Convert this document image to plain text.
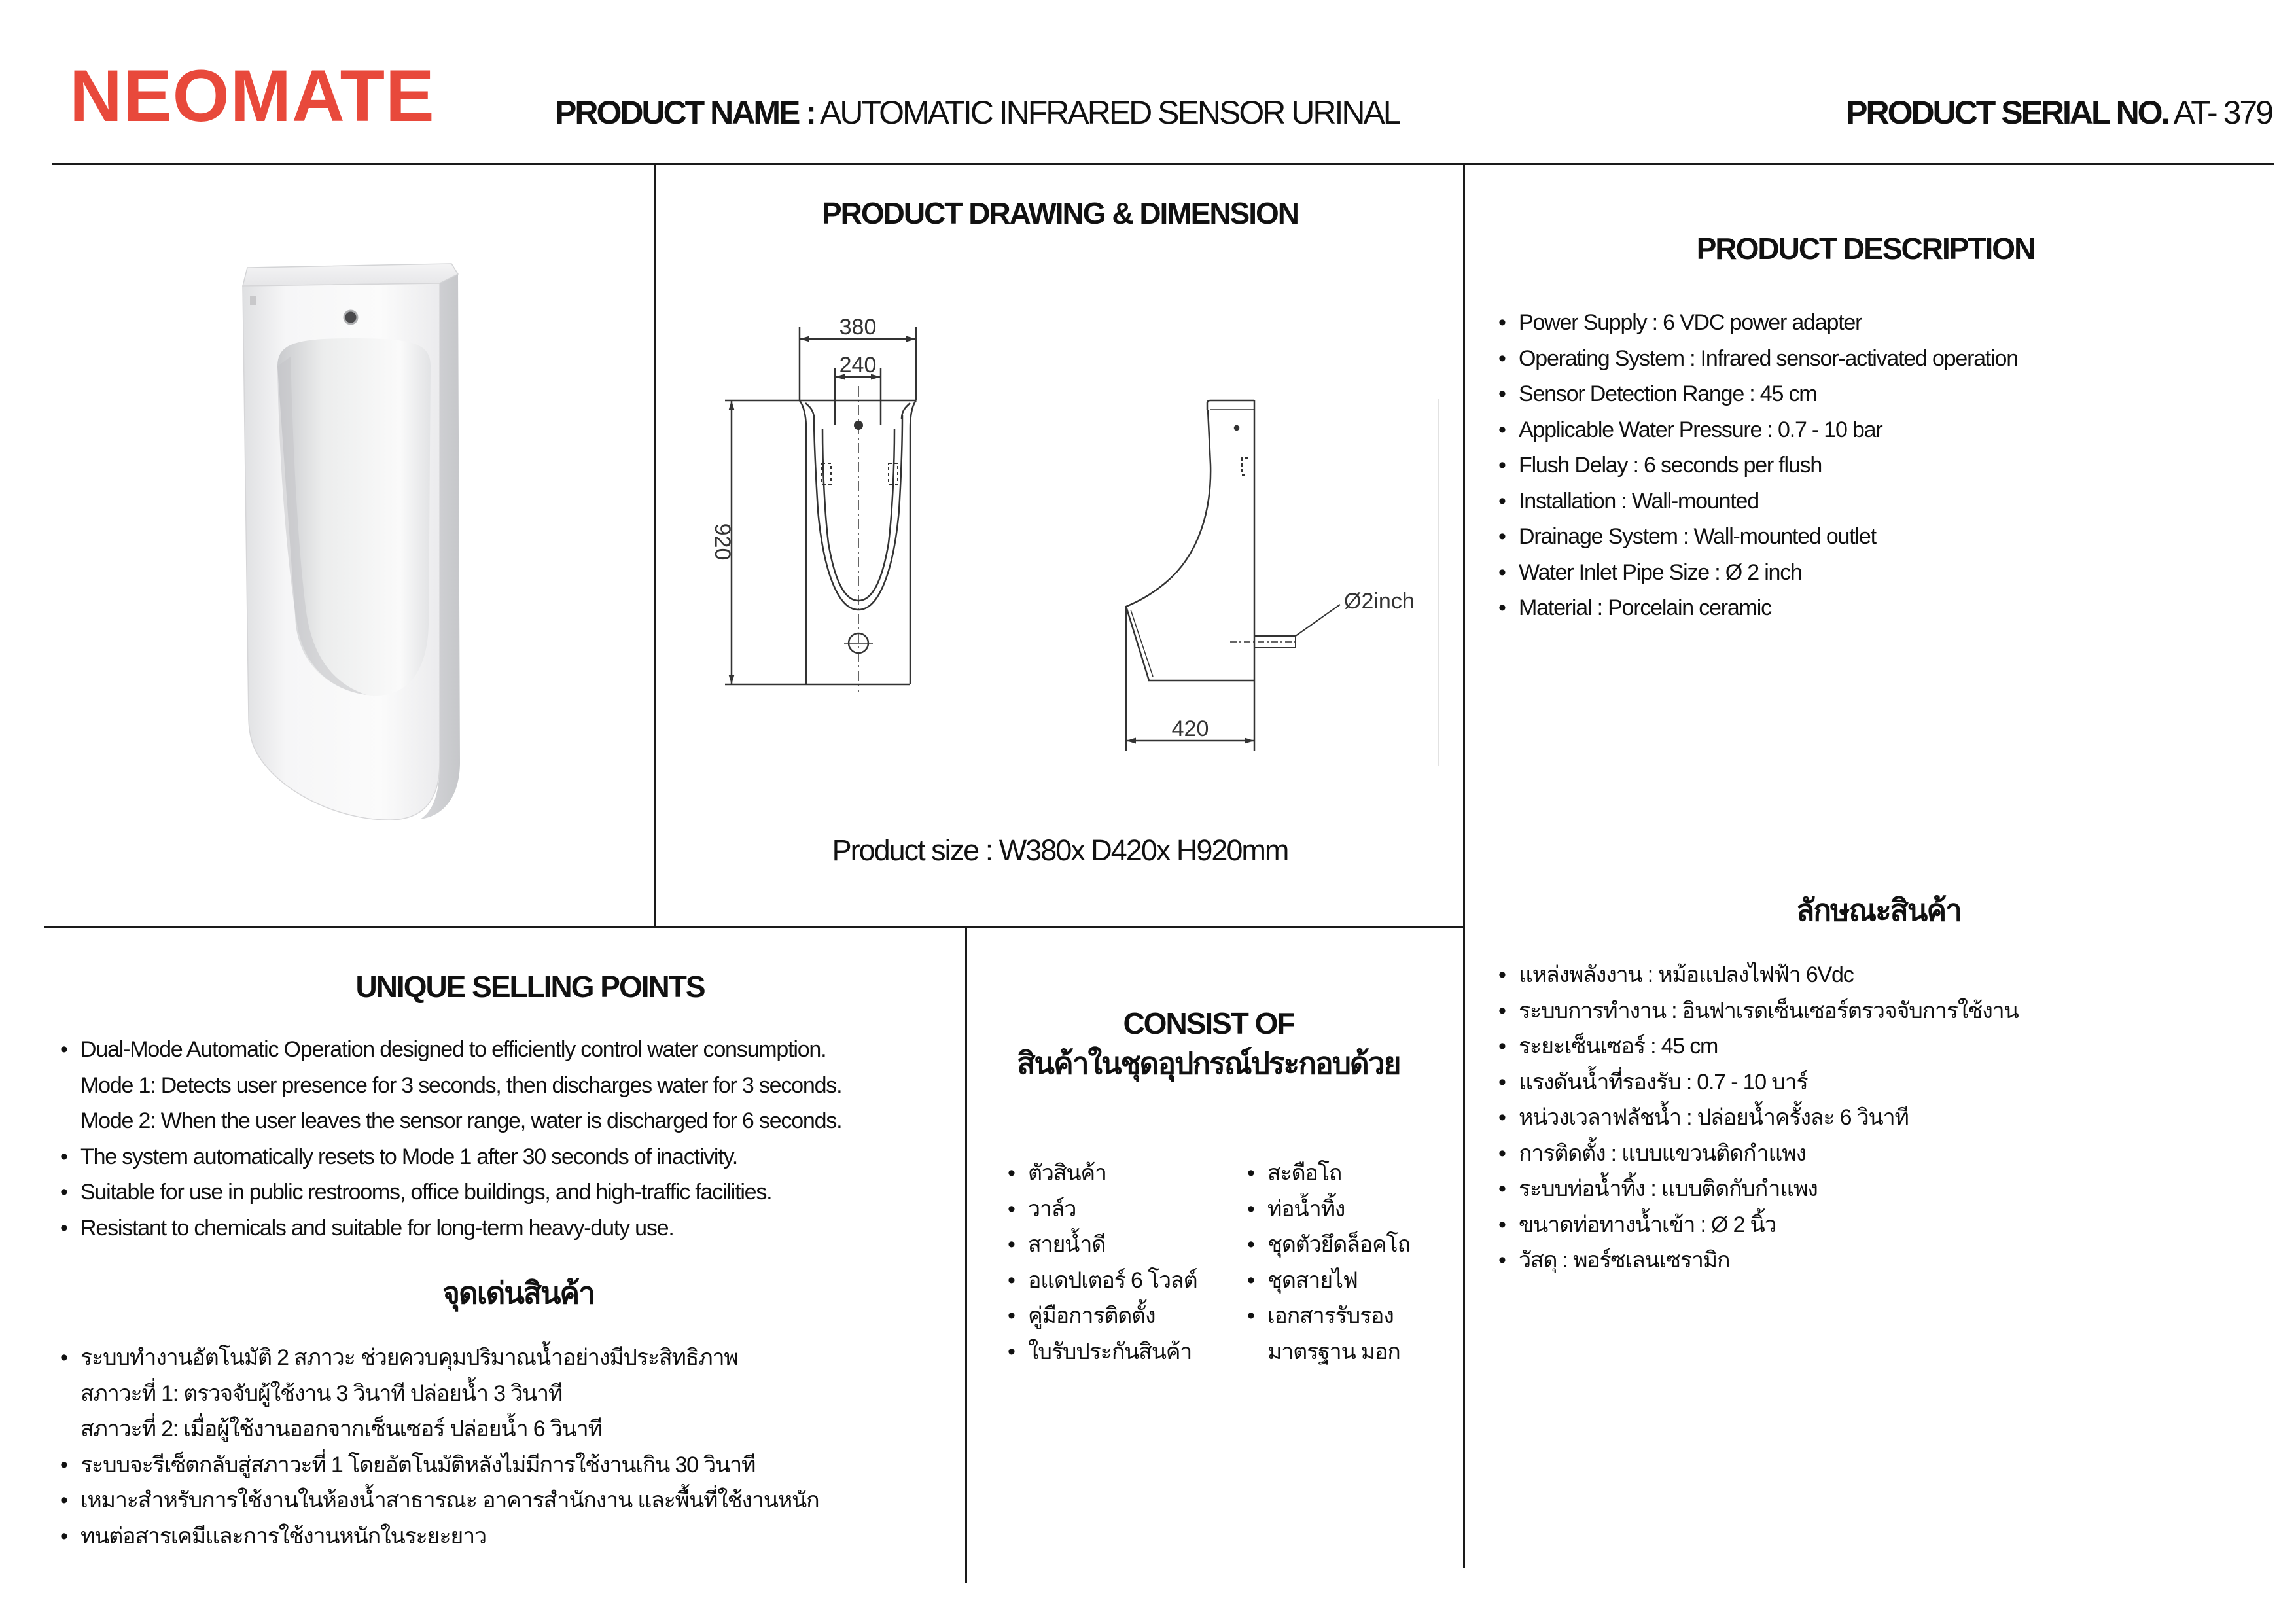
NEOMATE	PRODUCT NAME : AUTOMATIC INFRARED SENSOR URINAL	PRODUCT SERIAL NO. AT- 379
PRODUCT DRAWING & DIMENSION
380
240
920
Ø2inch
420
Product size : W380x D420x H920mm
PRODUCT DESCRIPTION
• Power Supply : 6 VDC power adapter
• Operating System : Infrared sensor-activated operation
• Sensor Detection Range : 45 cm
• Applicable Water Pressure : 0.7 - 10 bar
• Flush Delay : 6 seconds per flush
• Installation : Wall-mounted
• Drainage System : Wall-mounted outlet
• Water Inlet Pipe Size : Ø 2 inch
• Material : Porcelain ceramic
ลักษณะสินค้า
• แหล่งพลังงาน : หม้อแปลงไฟฟ้า 6Vdc
• ระบบการทำงาน : อินฟาเรดเซ็นเซอร์ตรวจจับการใช้งาน
• ระยะเซ็นเซอร์ : 45 cm
• แรงดันน้ำที่รองรับ : 0.7 - 10 บาร์
• หน่วงเวลาฟลัชน้ำ : ปล่อยน้ำครั้งละ 6 วินาที
• การติดตั้ง : แบบแขวนติดกำแพง
• ระบบท่อน้ำทิ้ง : แบบติดกับกำแพง
• ขนาดท่อทางน้ำเข้า : Ø 2 นิ้ว
• วัสดุ : พอร์ซเลนเซรามิก
UNIQUE SELLING POINTS
• Dual-Mode Automatic Operation designed to efficiently control water consumption.
Mode 1: Detects user presence for 3 seconds, then discharges water for 3 seconds.
Mode 2: When the user leaves the sensor range, water is discharged for 6 seconds.
• The system automatically resets to Mode 1 after 30 seconds of inactivity.
• Suitable for use in public restrooms, office buildings, and high-traffic facilities.
• Resistant to chemicals and suitable for long-term heavy-duty use.
จุดเด่นสินค้า
• ระบบทำงานอัตโนมัติ 2 สภาวะ ช่วยควบคุมปริมาณน้ำอย่างมีประสิทธิภาพ
สภาวะที่ 1: ตรวจจับผู้ใช้งาน 3 วินาที ปล่อยน้ำ 3 วินาที
สภาวะที่ 2: เมื่อผู้ใช้งานออกจากเซ็นเซอร์ ปล่อยน้ำ 6 วินาที
• ระบบจะรีเซ็ตกลับสู่สภาวะที่ 1 โดยอัตโนมัติหลังไม่มีการใช้งานเกิน 30 วินาที
• เหมาะสำหรับการใช้งานในห้องน้ำสาธารณะ อาคารสำนักงาน และพื้นที่ใช้งานหนัก
• ทนต่อสารเคมีและการใช้งานหนักในระยะยาว
CONSIST OF
สินค้าในชุดอุปกรณ์ประกอบด้วย
• ตัวสินค้า
• วาล์ว
• สายน้ำดี
• อแดปเตอร์ 6 โวลต์
• คู่มือการติดตั้ง
• ใบรับประกันสินค้า
• สะดือโถ
• ท่อน้ำทิ้ง
• ชุดตัวยึดล็อคโถ
• ชุดสายไฟ
• เอกสารรับรอง
มาตรฐาน มอก
